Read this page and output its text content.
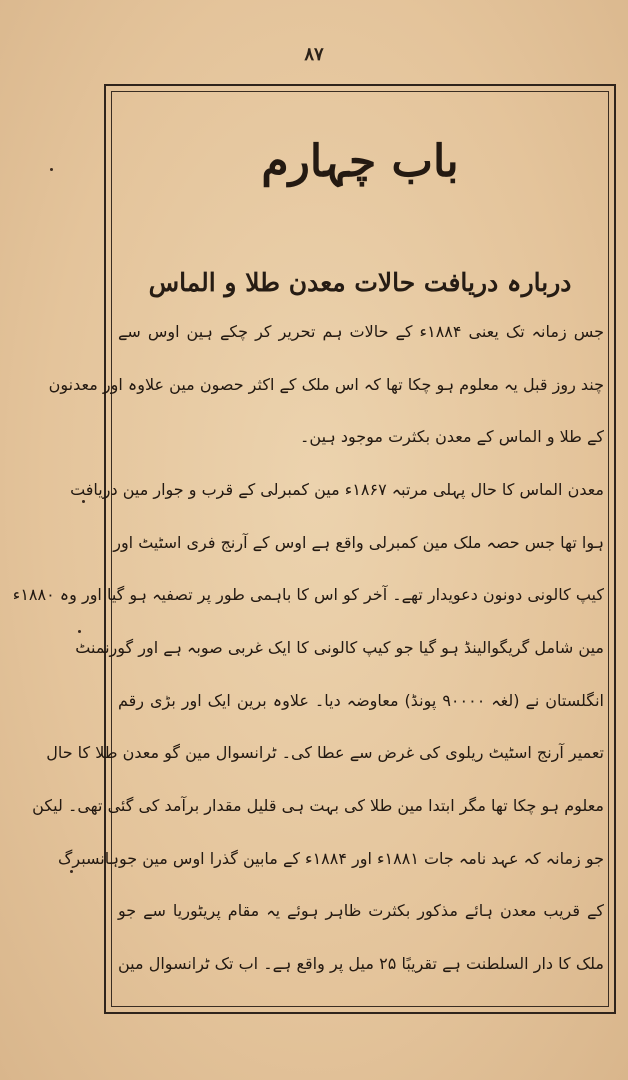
۸۷
باب چہارم
دربارہ دریافت حالات معدن طلا و الماس
جس زمانہ تک یعنی ۱۸۸۴ء کے حالات ہم تحریر کر چکے ہین اوس سے
چند روز قبل یہ معلوم ہو چکا تھا کہ اس ملک کے اکثر حصون مین علاوہ اور معدنون
کے طلا و الماس کے معدن بکثرت موجود ہین۔
معدن الماس کا حال پہلی مرتبہ ۱۸۶۷ء مین کمبرلی کے قرب و جوار مین دریافت
ہوا تھا جس حصہ ملک مین کمبرلی واقع ہے اوس کے آرنج فری اسٹیٹ اور
کیپ کالونی دونون دعویدار تھے۔ آخر کو اس کا باہمی طور پر تصفیہ ہو گیا اور وہ ۱۸۸۰ء
مین شامل گریگوالینڈ ہو گیا جو کیپ کالونی کا ایک غربی صوبہ ہے اور گورنمنٹ
انگلستان نے (لغہ ۹۰۰۰۰ پونڈ) معاوضہ دیا۔ علاوہ برین ایک اور بڑی رقم
تعمیر آرنج اسٹیٹ ریلوی کی غرض سے عطا کی۔ ٹرانسوال مین گو معدن طلا کا حال
معلوم ہو چکا تھا مگر ابتدا مین طلا کی بہت ہی قلیل مقدار برآمد کی گئی تھی۔ لیکن
جو زمانہ کہ عہد نامہ جات ۱۸۸۱ء اور ۱۸۸۴ء کے مابین گذرا اوس مین جوہانسبرگ
کے قریب معدن ہائے مذکور بکثرت ظاہر ہوئے یہ مقام پریٹوریا سے جو
ملک کا دار السلطنت ہے تقریبًا ۲۵ میل پر واقع ہے۔ اب تک ٹرانسوال مین
